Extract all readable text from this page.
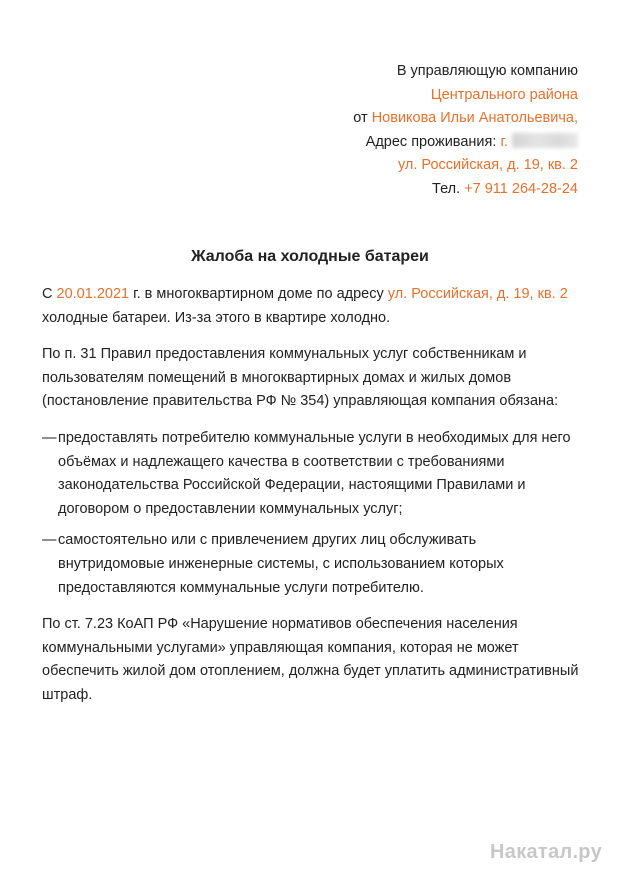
В управляющую компанию
Центрального района
от Новикова Ильи Анатольевича,
Адрес проживания: г.
ул. Российская, д. 19, кв. 2
Тел. +7 911 264-28-24
Жалоба на холодные батареи

С 20.01.2021 г. в многоквартирном доме по адресу ул. Российская, д. 19, кв. 2 холодные батареи. Из-за этого в квартире холодно.

По п. 31 Правил предоставления коммунальных услуг собственникам и пользователям помещений в многоквартирных домах и жилых домов (постановление правительства РФ № 354) управляющая компания обязана:

— предоставлять потребителю коммунальные услуги в необходимых для него объёмах и надлежащего качества в соответствии с требованиями законодательства Российской Федерации, настоящими Правилами и договором о предоставлении коммунальных услуг;
— самостоятельно или с привлечением других лиц обслуживать внутридомовые инженерные системы, с использованием которых предоставляются коммунальные услуги потребителю.

По ст. 7.23 КоАП РФ «Нарушение нормативов обеспечения населения коммунальными услугами» управляющая компания, которая не может обеспечить жилой дом отоплением, должна будет уплатить административный штраф.

Накатал.ру
